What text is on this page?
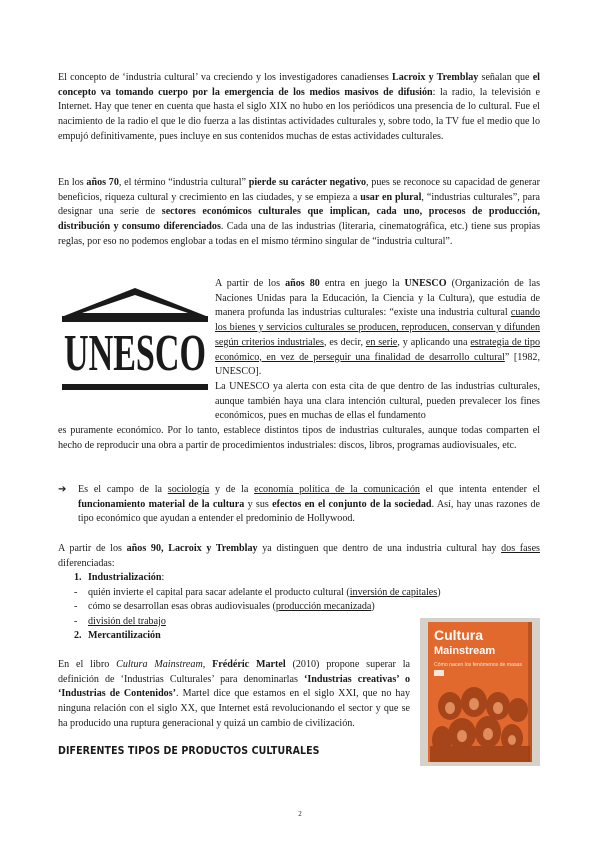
El concepto de ‘industria cultural’ va creciendo y los investigadores canadienses Lacroix y Tremblay señalan que el concepto va tomando cuerpo por la emergencia de los medios masivos de difusión: la radio, la televisión e Internet. Hay que tener en cuenta que hasta el siglo XIX no hubo en los periódicos una presencia de lo cultural. Fue el nacimiento de la radio el que le dio fuerza a las distintas actividades culturales y, sobre todo, la TV fue el medio que lo empujó definitivamente, pues incluye en sus contenidos muchas de estas actividades culturales.

En los años 70, el término “industria cultural” pierde su carácter negativo, pues se reconoce su capacidad de generar beneficios, riqueza cultural y crecimiento en las ciudades, y se empieza a usar en plural, “industrias culturales”, para designar una serie de sectores económicos culturales que implican, cada uno, procesos de producción, distribución y consumo diferenciados. Cada una de las industrias (literaria, cinematográfica, etc.) tiene sus propias reglas, por eso no podemos englobar a todas en el mismo término singular de “industria cultural”.

UNESCO

A partir de los años 80 entra en juego la UNESCO (Organización de las Naciones Unidas para la Educación, la Ciencia y la Cultura), que estudia de manera profunda las industrias culturales: “existe una industria cultural cuando los bienes y servicios culturales se producen, reproducen, conservan y difunden según criterios industriales, es decir, en serie, y aplicando una estrategia de tipo económico, en vez de perseguir una finalidad de desarrollo cultural” [1982, UNESCO].

La UNESCO ya alerta con esta cita de que dentro de las industrias culturales, aunque también haya una clara intención cultural, pueden prevalecer los fines económicos, pues en muchas de ellas el fundamento

es puramente económico. Por lo tanto, establece distintos tipos de industrias culturales, aunque todas comparten el hecho de reproducir una obra a partir de procedimientos industriales: discos, libros, programas audiovisuales, etc.

➔ Es el campo de la sociología y de la economía política de la comunicación el que intenta entender el funcionamiento material de la cultura y sus efectos en el conjunto de la sociedad. Así, hay unas razones de tipo económico que ayudan a entender el predominio de Hollywood.

A partir de los años 90, Lacroix y Tremblay ya distinguen que dentro de una industria cultural hay dos fases diferenciadas:

1. Industrialización:
- quién invierte el capital para sacar adelante el producto cultural (inversión de capitales)
- cómo se desarrollan esas obras audiovisuales (producción mecanizada)
- división del trabajo
2. Mercantilización

En el libro Cultura Mainstream, Frédéric Martel (2010) propone superar la definición de ‘Industrias Culturales’ para denominarlas ‘Industrias creativas’ o ‘Industrias de Contenidos’. Martel dice que estamos en el siglo XXI, que no hay ninguna relación con el siglo XX, que Internet está revolucionando el sector y que se ha producido una ruptura generacional y quizá un cambio de civilización.

Cultura
Mainstream
Cómo nacen los fenómenos de masas
DIFERENTES TIPOS DE PRODUCTOS CULTURALES
2
